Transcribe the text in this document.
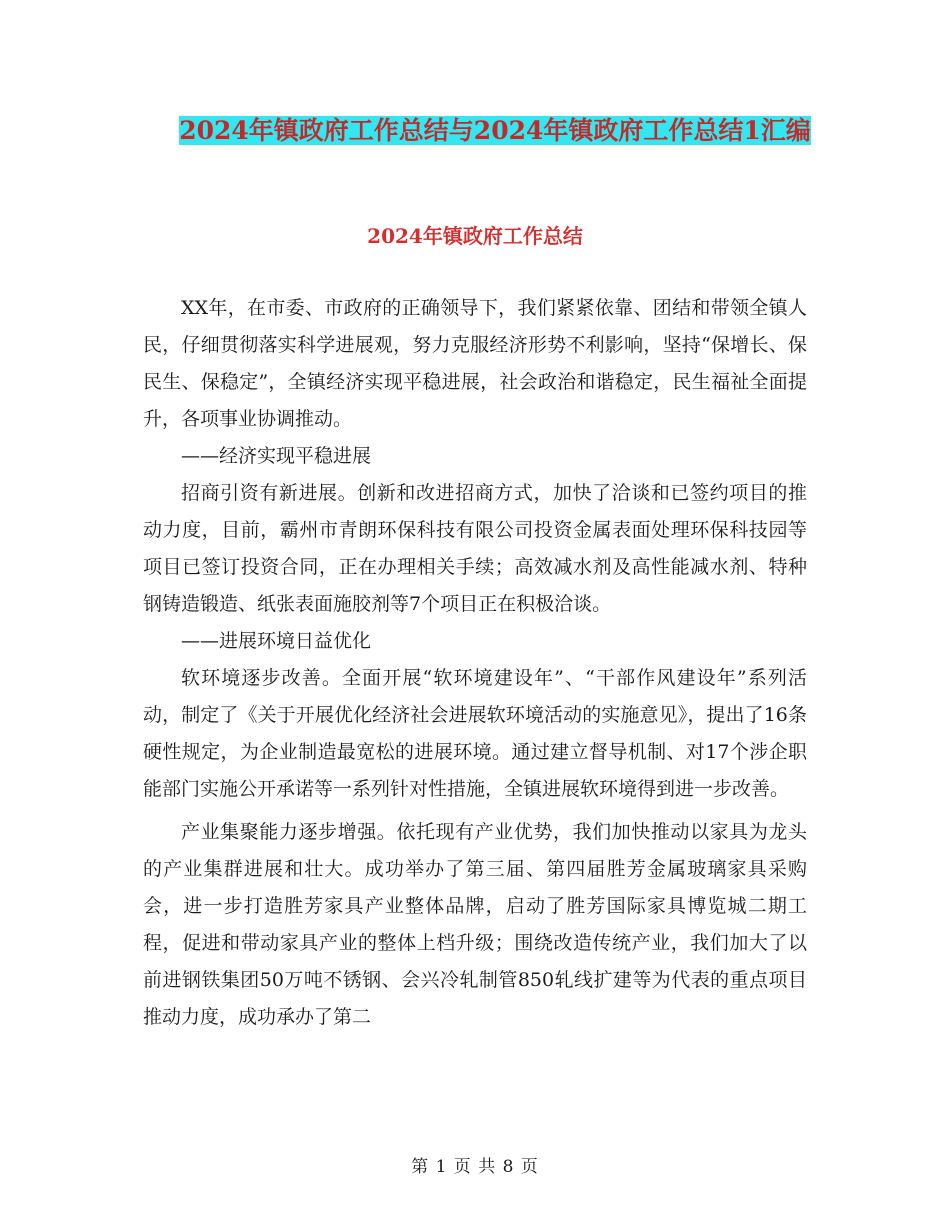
2024年镇政府工作总结与2024年镇政府工作总结1汇编
2024年镇政府工作总结

XX年，在市委、市政府的正确领导下，我们紧紧依靠、团结和带领全镇人民，仔细贯彻落实科学进展观，努力克服经济形势不利影响，坚持“保增长、保民生、保稳定”，全镇经济实现平稳进展，社会政治和谐稳定，民生福祉全面提升，各项事业协调推动。

——经济实现平稳进展

招商引资有新进展。创新和改进招商方式，加快了洽谈和已签约项目的推动力度，目前，霸州市青朗环保科技有限公司投资金属表面处理环保科技园等项目已签订投资合同，正在办理相关手续；高效减水剂及高性能减水剂、特种钢铸造锻造、纸张表面施胶剂等7个项目正在积极洽谈。

——进展环境日益优化

软环境逐步改善。全面开展“软环境建设年”、“干部作风建设年”系列活动，制定了《关于开展优化经济社会进展软环境活动的实施意见》，提出了16条硬性规定，为企业制造最宽松的进展环境。通过建立督导机制、对17个涉企职能部门实施公开承诺等一系列针对性措施，全镇进展软环境得到进一步改善。

产业集聚能力逐步增强。依托现有产业优势，我们加快推动以家具为龙头的产业集群进展和壮大。成功举办了第三届、第四届胜芳金属玻璃家具采购会，进一步打造胜芳家具产业整体品牌，启动了胜芳国际家具博览城二期工程，促进和带动家具产业的整体上档升级；围绕改造传统产业，我们加大了以前进钢铁集团50万吨不锈钢、会兴冷轧制管850轧线扩建等为代表的重点项目推动力度，成功承办了第二

第 1 页 共 8 页
